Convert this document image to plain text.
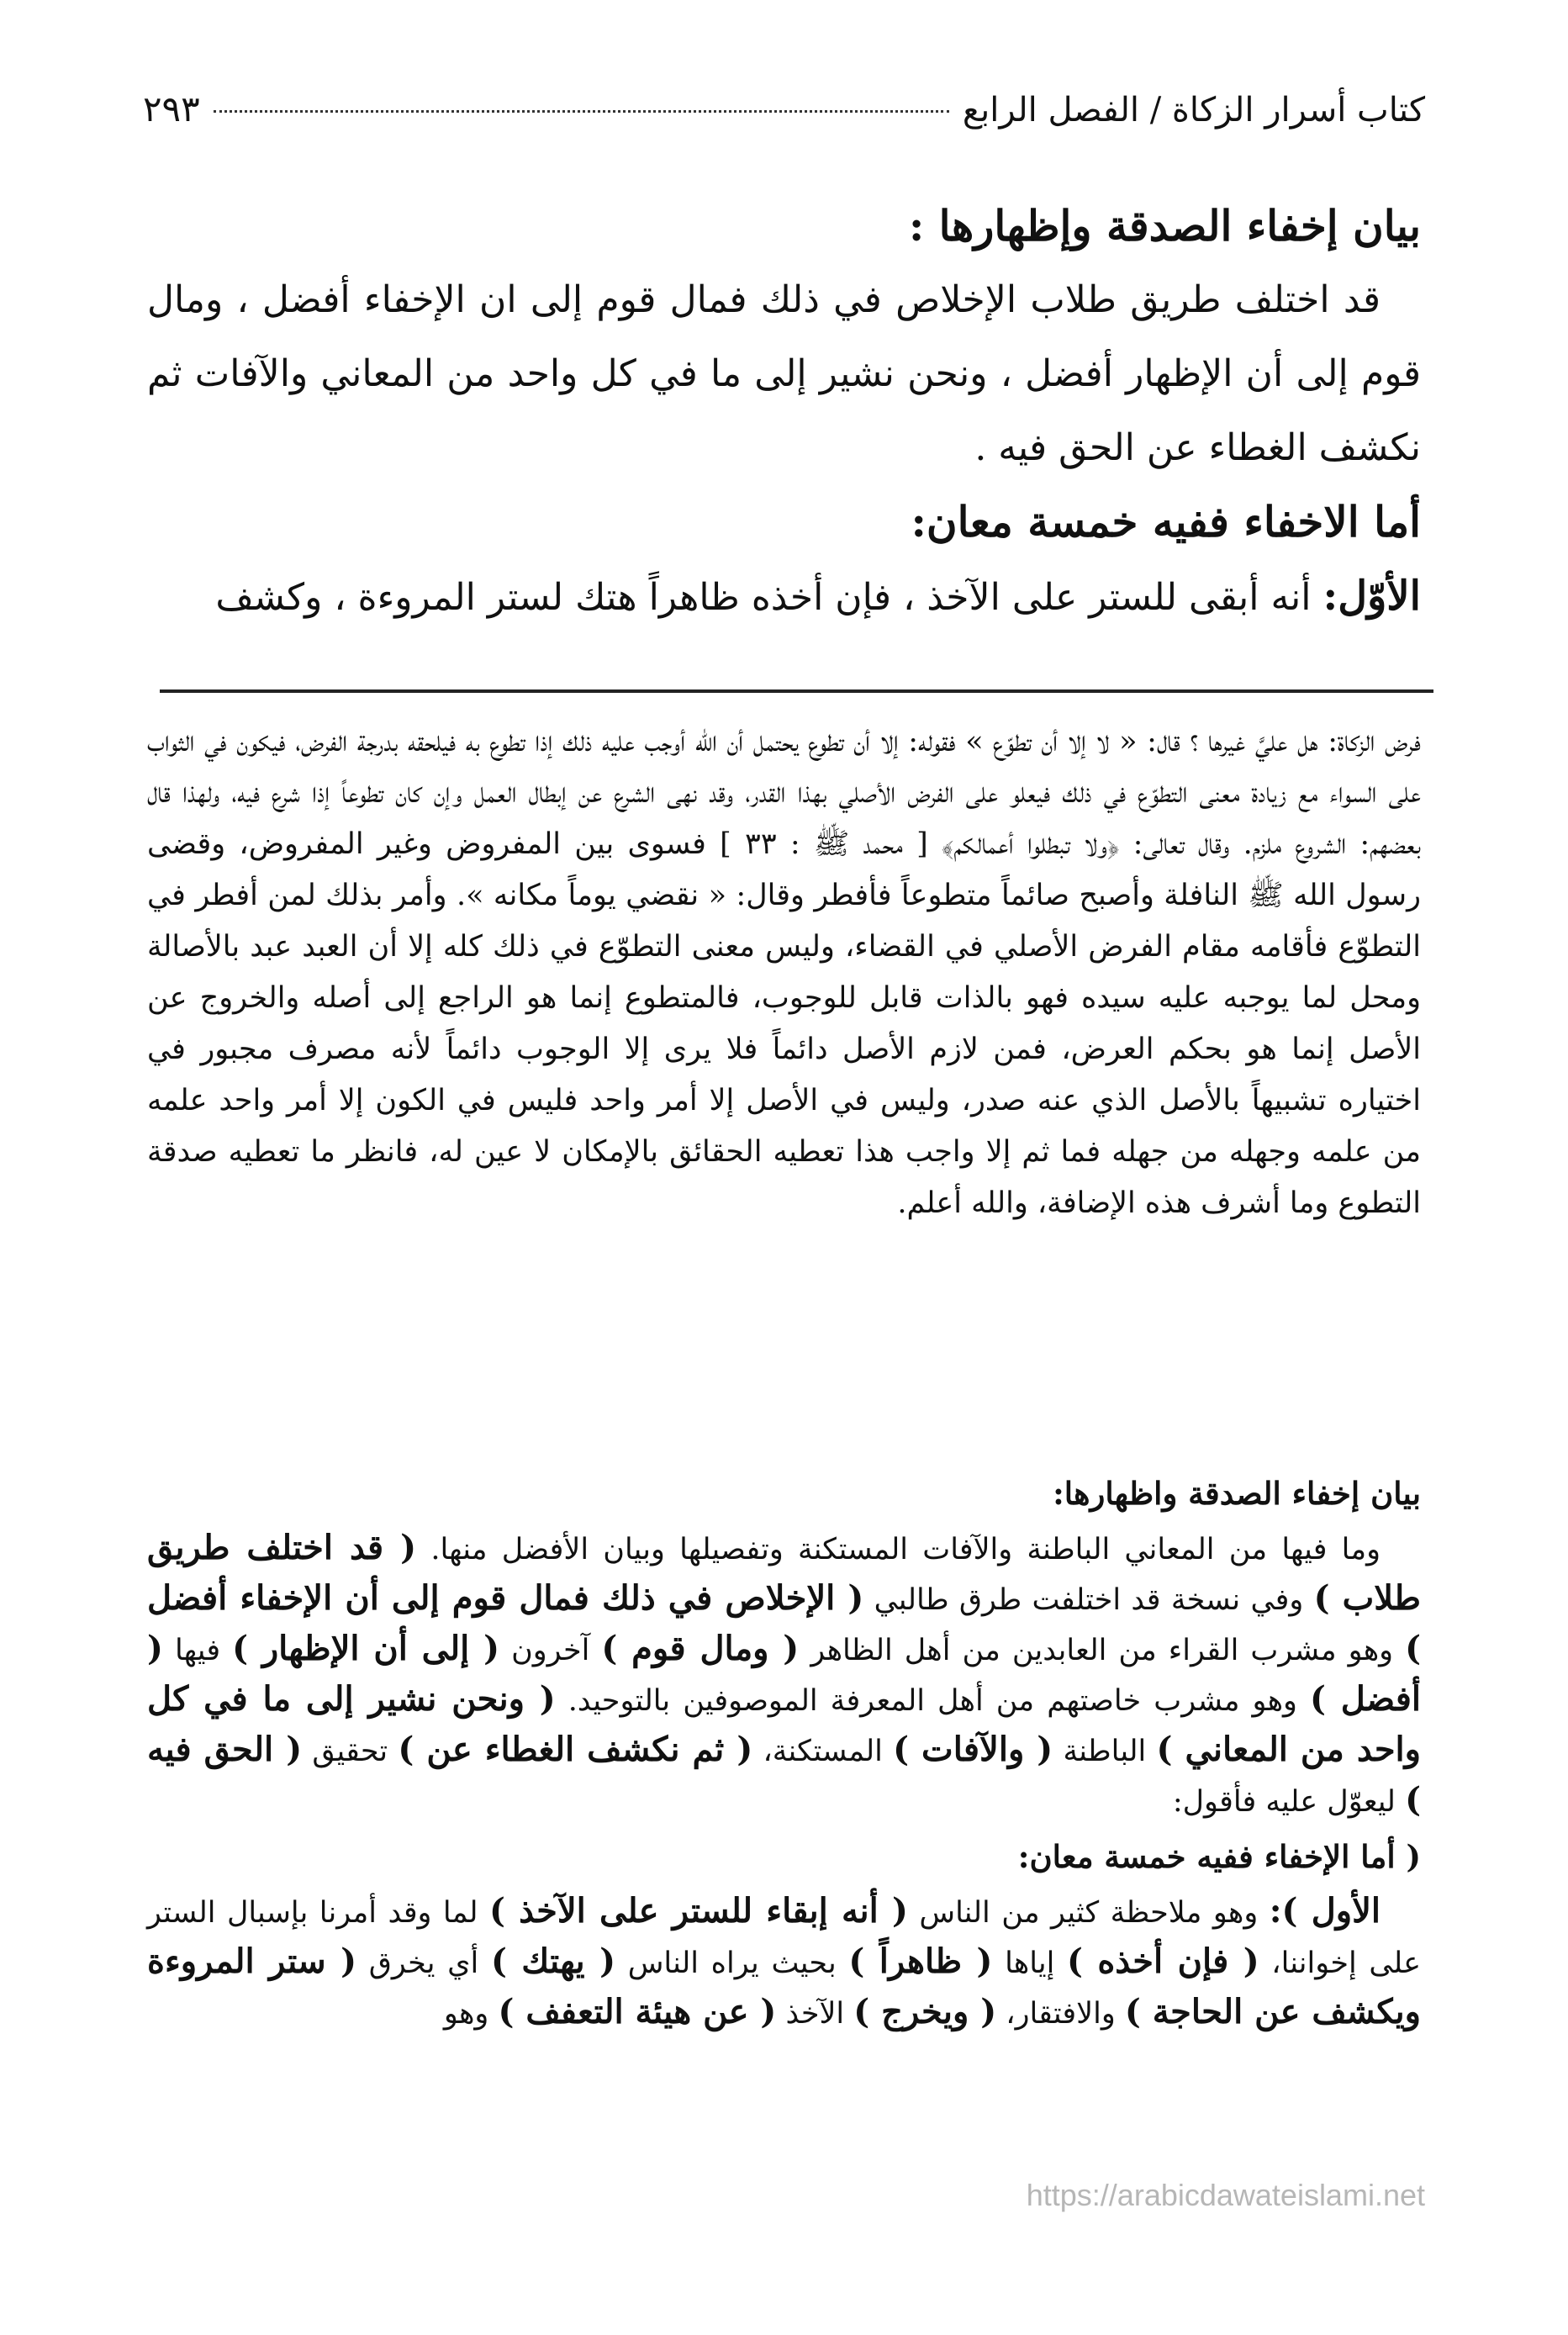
كتاب أسرار الزكاة / الفصل الرابع
٢٩٣
بيان إخفاء الصدقة وإظهارها :
قد اختلف طريق طلاب الإخلاص في ذلك فمال قوم إلى ان الإخفاء أفضل ، ومال قوم إلى أن الإظهار أفضل ، ونحن نشير إلى ما في كل واحد من المعاني والآفات ثم نكشف الغطاء عن الحق فيه .
أما الاخفاء ففيه خمسة معان:
الأوّل: أنه أبقى للستر على الآخذ ، فإن أخذه ظاهراً هتك لستر المروءة ، وكشف
فرض الزكاة: هل عليَّ غيرها ؟ قال: « لا إلا أن تطوّع » فقوله: إلا أن تطوع يحتمل أن الله أوجب عليه ذلك إذا تطوع به فيلحقه بدرجة الفرض، فيكون في الثواب على السواء مع زيادة معنى التطوّع في ذلك فيعلو على الفرض الأصلي بهذا القدر، وقد نهى الشرع عن إبطال العمل وإن كان تطوعاً إذا شرع فيه، ولهذا قال بعضهم: الشروع ملزم. وقال تعالى: ﴿ولا تبطلوا أعمالكم﴾ [ محمد ﷺ : ٣٣ ] فسوى بين المفروض وغير المفروض، وقضى رسول الله ﷺ النافلة وأصبح صائماً متطوعاً فأفطر وقال: « نقضي يوماً مكانه ». وأمر بذلك لمن أفطر في التطوّع فأقامه مقام الفرض الأصلي في القضاء، وليس معنى التطوّع في ذلك كله إلا أن العبد عبد بالأصالة ومحل لما يوجبه عليه سيده فهو بالذات قابل للوجوب، فالمتطوع إنما هو الراجع إلى أصله والخروج عن الأصل إنما هو بحكم العرض، فمن لازم الأصل دائماً فلا يرى إلا الوجوب دائماً لأنه مصرف مجبور في اختياره تشبيهاً بالأصل الذي عنه صدر، وليس في الأصل إلا أمر واحد فليس في الكون إلا أمر واحد علمه من علمه وجهله من جهله فما ثم إلا واجب هذا تعطيه الحقائق بالإمكان لا عين له، فانظر ما تعطيه صدقة التطوع وما أشرف هذه الإضافة، والله أعلم.
بيان إخفاء الصدقة واظهارها:
وما فيها من المعاني الباطنة والآفات المستكنة وتفصيلها وبيان الأفضل منها. ( قد اختلف طريق طلاب ) وفي نسخة قد اختلفت طرق طالبي ( الإخلاص في ذلك فمال قوم إلى أن الإخفاء أفضل ) وهو مشرب القراء من العابدين من أهل الظاهر ( ومال قوم ) آخرون ( إلى أن الإظهار ) فيها ( أفضل ) وهو مشرب خاصتهم من أهل المعرفة الموصوفين بالتوحيد. ( ونحن نشير إلى ما في كل واحد من المعاني ) الباطنة ( والآفات ) المستكنة، ( ثم نكشف الغطاء عن ) تحقيق ( الحق فيه ) ليعوّل عليه فأقول:
( أما الإخفاء ففيه خمسة معان:
الأول ): وهو ملاحظة كثير من الناس ( أنه إبقاء للستر على الآخذ ) لما وقد أمرنا بإسبال الستر على إخواننا، ( فإن أخذه ) إياها ( ظاهراً ) بحيث يراه الناس ( يهتك ) أي يخرق ( ستر المروءة ويكشف عن الحاجة ) والافتقار، ( ويخرج ) الآخذ ( عن هيئة التعفف ) وهو
https://arabicdawateislami.net
